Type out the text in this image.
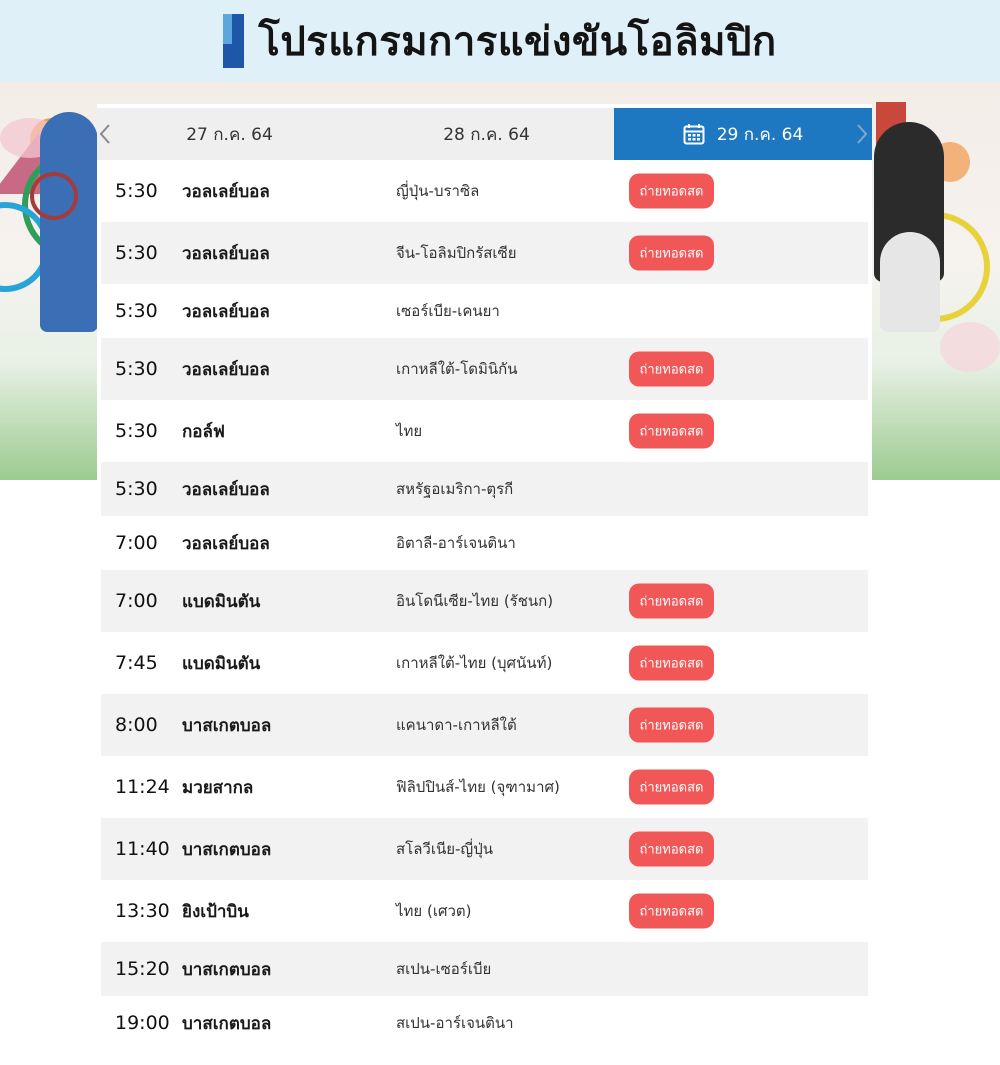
โปรแกรมการแข่งขันโอลิมปิก
27 ก.ค. 64	28 ก.ค. 64	29 ก.ค. 64
5:30 วอลเลย์บอล	ญี่ปุ่น-บราซิล	ถ่ายทอดสด
5:30 วอลเลย์บอล	จีน-โอลิมปิกรัสเซีย	ถ่ายทอดสด
5:30 วอลเลย์บอล	เซอร์เบีย-เคนยา
5:30 วอลเลย์บอล	เกาหลีใต้-โดมินิกัน	ถ่ายทอดสด
5:30 กอล์ฟ	ไทย	ถ่ายทอดสด
5:30 วอลเลย์บอล	สหรัฐอเมริกา-ตุรกี
7:00 วอลเลย์บอล	อิตาลี-อาร์เจนตินา
7:00 แบดมินตัน	อินโดนีเซีย-ไทย (รัชนก)	ถ่ายทอดสด
7:45 แบดมินตัน	เกาหลีใต้-ไทย (บุศนันท์)	ถ่ายทอดสด
8:00 บาสเกตบอล	แคนาดา-เกาหลีใต้	ถ่ายทอดสด
11:24 มวยสากล	ฟิลิปปินส์-ไทย (จุฑามาศ)	ถ่ายทอดสด
11:40 บาสเกตบอล	สโลวีเนีย-ญี่ปุ่น	ถ่ายทอดสด
13:30 ยิงเป้าบิน	ไทย (เศวต)	ถ่ายทอดสด
15:20 บาสเกตบอล	สเปน-เซอร์เบีย
19:00 บาสเกตบอล	สเปน-อาร์เจนตินา
